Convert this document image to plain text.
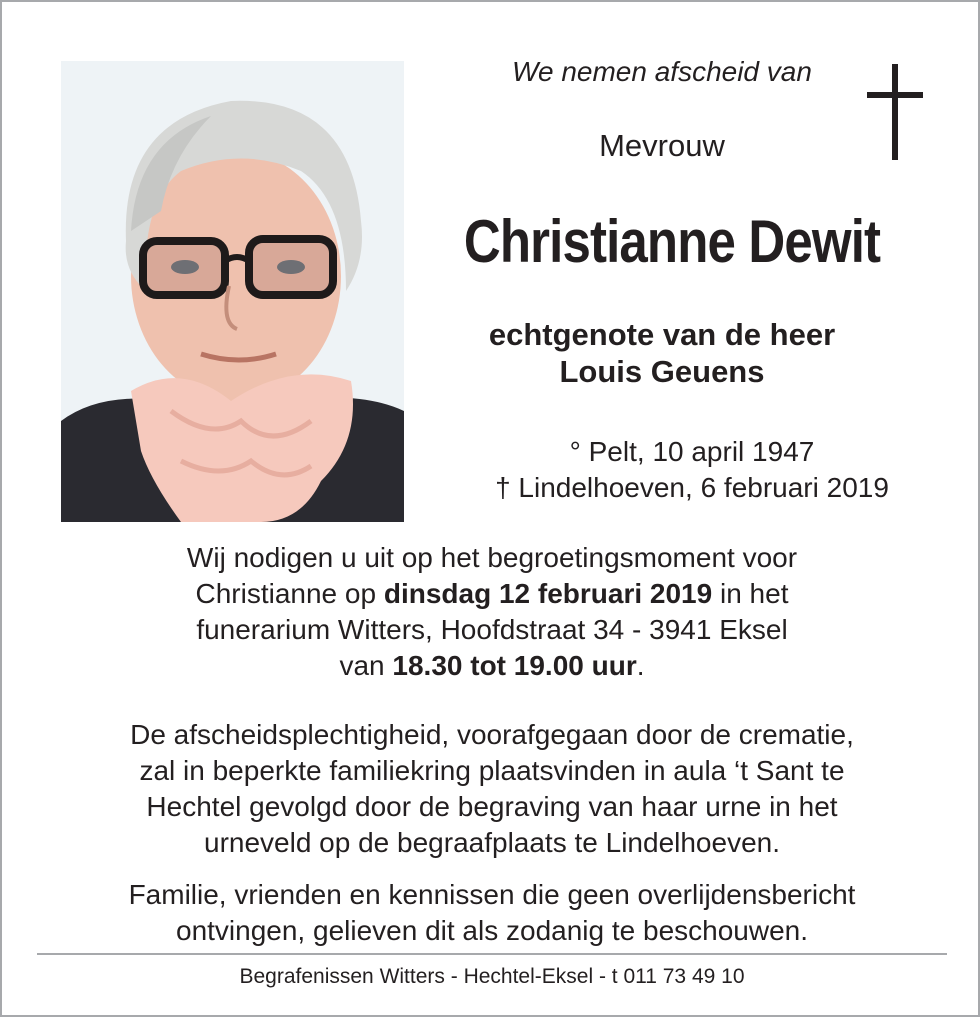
We nemen afscheid van
Mevrouw
Christianne Dewit

echtgenote van de heer

Louis Geuens

° Pelt, 10 april 1947

† Lindelhoeven, 6 februari 2019

Wij nodigen u uit op het begroetingsmoment voor

Christianne op dinsdag 12 februari 2019 in het

funerarium Witters, Hoofdstraat 34 - 3941 Eksel

van 18.30 tot 19.00 uur.

De afscheidsplechtigheid, voorafgegaan door de crematie,

zal in beperkte familiekring plaatsvinden in aula ‘t Sant te

Hechtel gevolgd door de begraving van haar urne in het

urneveld op de begraafplaats te Lindelhoeven.

Familie, vrienden en kennissen die geen overlijdensbericht

ontvingen, gelieven dit als zodanig te beschouwen.

Begrafenissen Witters - Hechtel-Eksel - t 011 73 49 10
